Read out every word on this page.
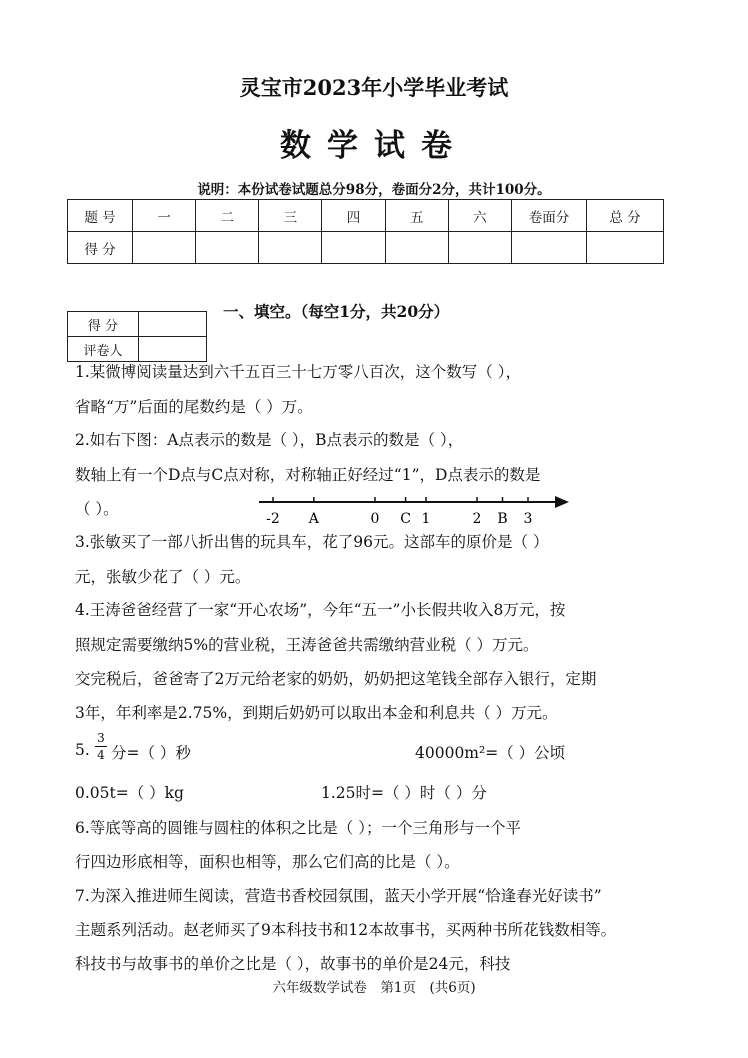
灵宝市2023年小学毕业考试
数学试卷
说明：本份试卷试题总分98分，卷面分2分，共计100分。
题 号	一	二	三	四	五	六	卷面分	总 分
得 分								
得 分	
评卷人	
一、填空。（每空1分，共20分）
1.某微博阅读量达到六千五百三十七万零八百次，这个数写（ ），
省略“万”后面的尾数约是（ ）万。
2.如右下图：A点表示的数是（ ），B点表示的数是（ ），
数轴上有一个D点与C点对称，对称轴正好经过“1”，D点表示的数是
（ ）。
-2 A	0 C 1	2 B 3
3.张敏买了一部八折出售的玩具车，花了96元。这部车的原价是（ ）
元，张敏少花了（ ）元。
4.王涛爸爸经营了一家“开心农场”，今年“五一”小长假共收入8万元，按
照规定需要缴纳5%的营业税，王涛爸爸共需缴纳营业税（ ）万元。
交完税后，爸爸寄了2万元给老家的奶奶，奶奶把这笔钱全部存入银行，定期
3年，年利率是2.75%，到期后奶奶可以取出本金和利息共（ ）万元。
5.
3
4 分=（ ）秒	40000m²=（ ）公顷
0.05t=（ ）kg	1.25时=（ ）时（ ）分
6.等底等高的圆锥与圆柱的体积之比是（ ）；一个三角形与一个平
行四边形底相等，面积也相等，那么它们高的比是（ ）。
7.为深入推进师生阅读，营造书香校园氛围，蓝天小学开展“恰逢春光好读书”
主题系列活动。赵老师买了9本科技书和12本故事书，买两种书所花钱数相等。
科技书与故事书的单价之比是（ ），故事书的单价是24元，科技
六年级数学试卷　第1页　(共6页)
